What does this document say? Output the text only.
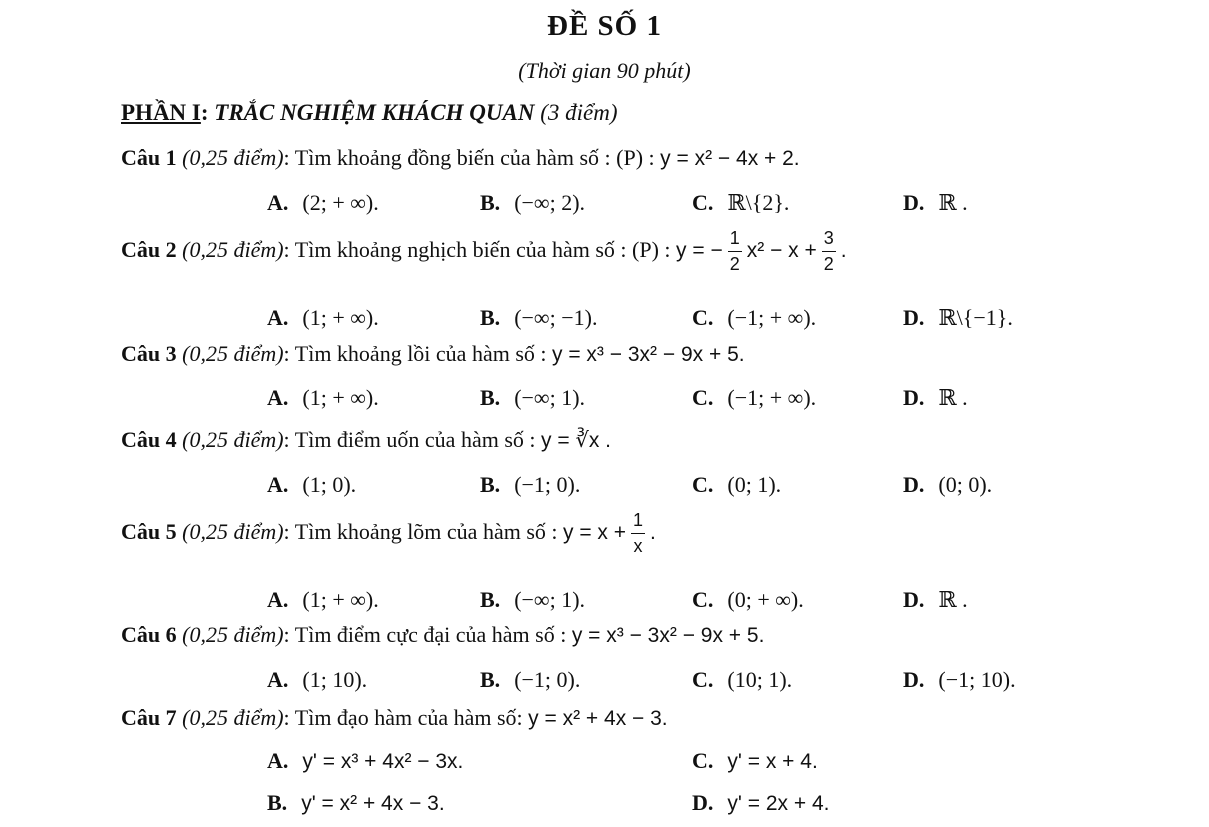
ĐỀ SỐ 1
(Thời gian 90 phút)
PHẦN I: TRẮC NGHIỆM KHÁCH QUAN (3 điểm)
Câu 1 (0,25 điểm): Tìm khoảng đồng biến của hàm số : (P) : y = x² − 4x + 2.
A. (2; + ∞).	B. (−∞; 2).	C. ℝ\{2}.	D. ℝ .
Câu 2 (0,25 điểm): Tìm khoảng nghịch biến của hàm số : (P) : y = − $\frac{1}{2} x^2 - x + \frac{3}{2}$ .
A. (1; + ∞).	B. (−∞; −1).	C. (−1; + ∞).	D. ℝ\{−1}.
Câu 3 (0,25 điểm): Tìm khoảng lồi của hàm số : y = x³ − 3x² − 9x + 5.
A. (1; + ∞).	B. (−∞; 1).	C. (−1; + ∞).	D. ℝ .
Câu 4 (0,25 điểm): Tìm điểm uốn của hàm số : y = ∛x .
A. (1; 0).	B. (−1; 0).	C. (0; 1).	D. (0; 0).
Câu 5 (0,25 điểm): Tìm khoảng lõm của hàm số : $y = x + \frac{1}{x}$ .
A. (1; + ∞).	B. (−∞; 1).	C. (0; + ∞).	D. ℝ .
Câu 6 (0,25 điểm): Tìm điểm cực đại của hàm số : y = x³ − 3x² − 9x + 5.
A. (1; 10).	B. (−1; 0).	C. (10; 1).	D. (−1; 10).
Câu 7 (0,25 điểm): Tìm đạo hàm của hàm số: y = x² + 4x − 3.
A. y' = x³ + 4x² − 3x.	C. y' = x + 4.
B. y' = x² + 4x − 3.	D. y' = 2x + 4.
